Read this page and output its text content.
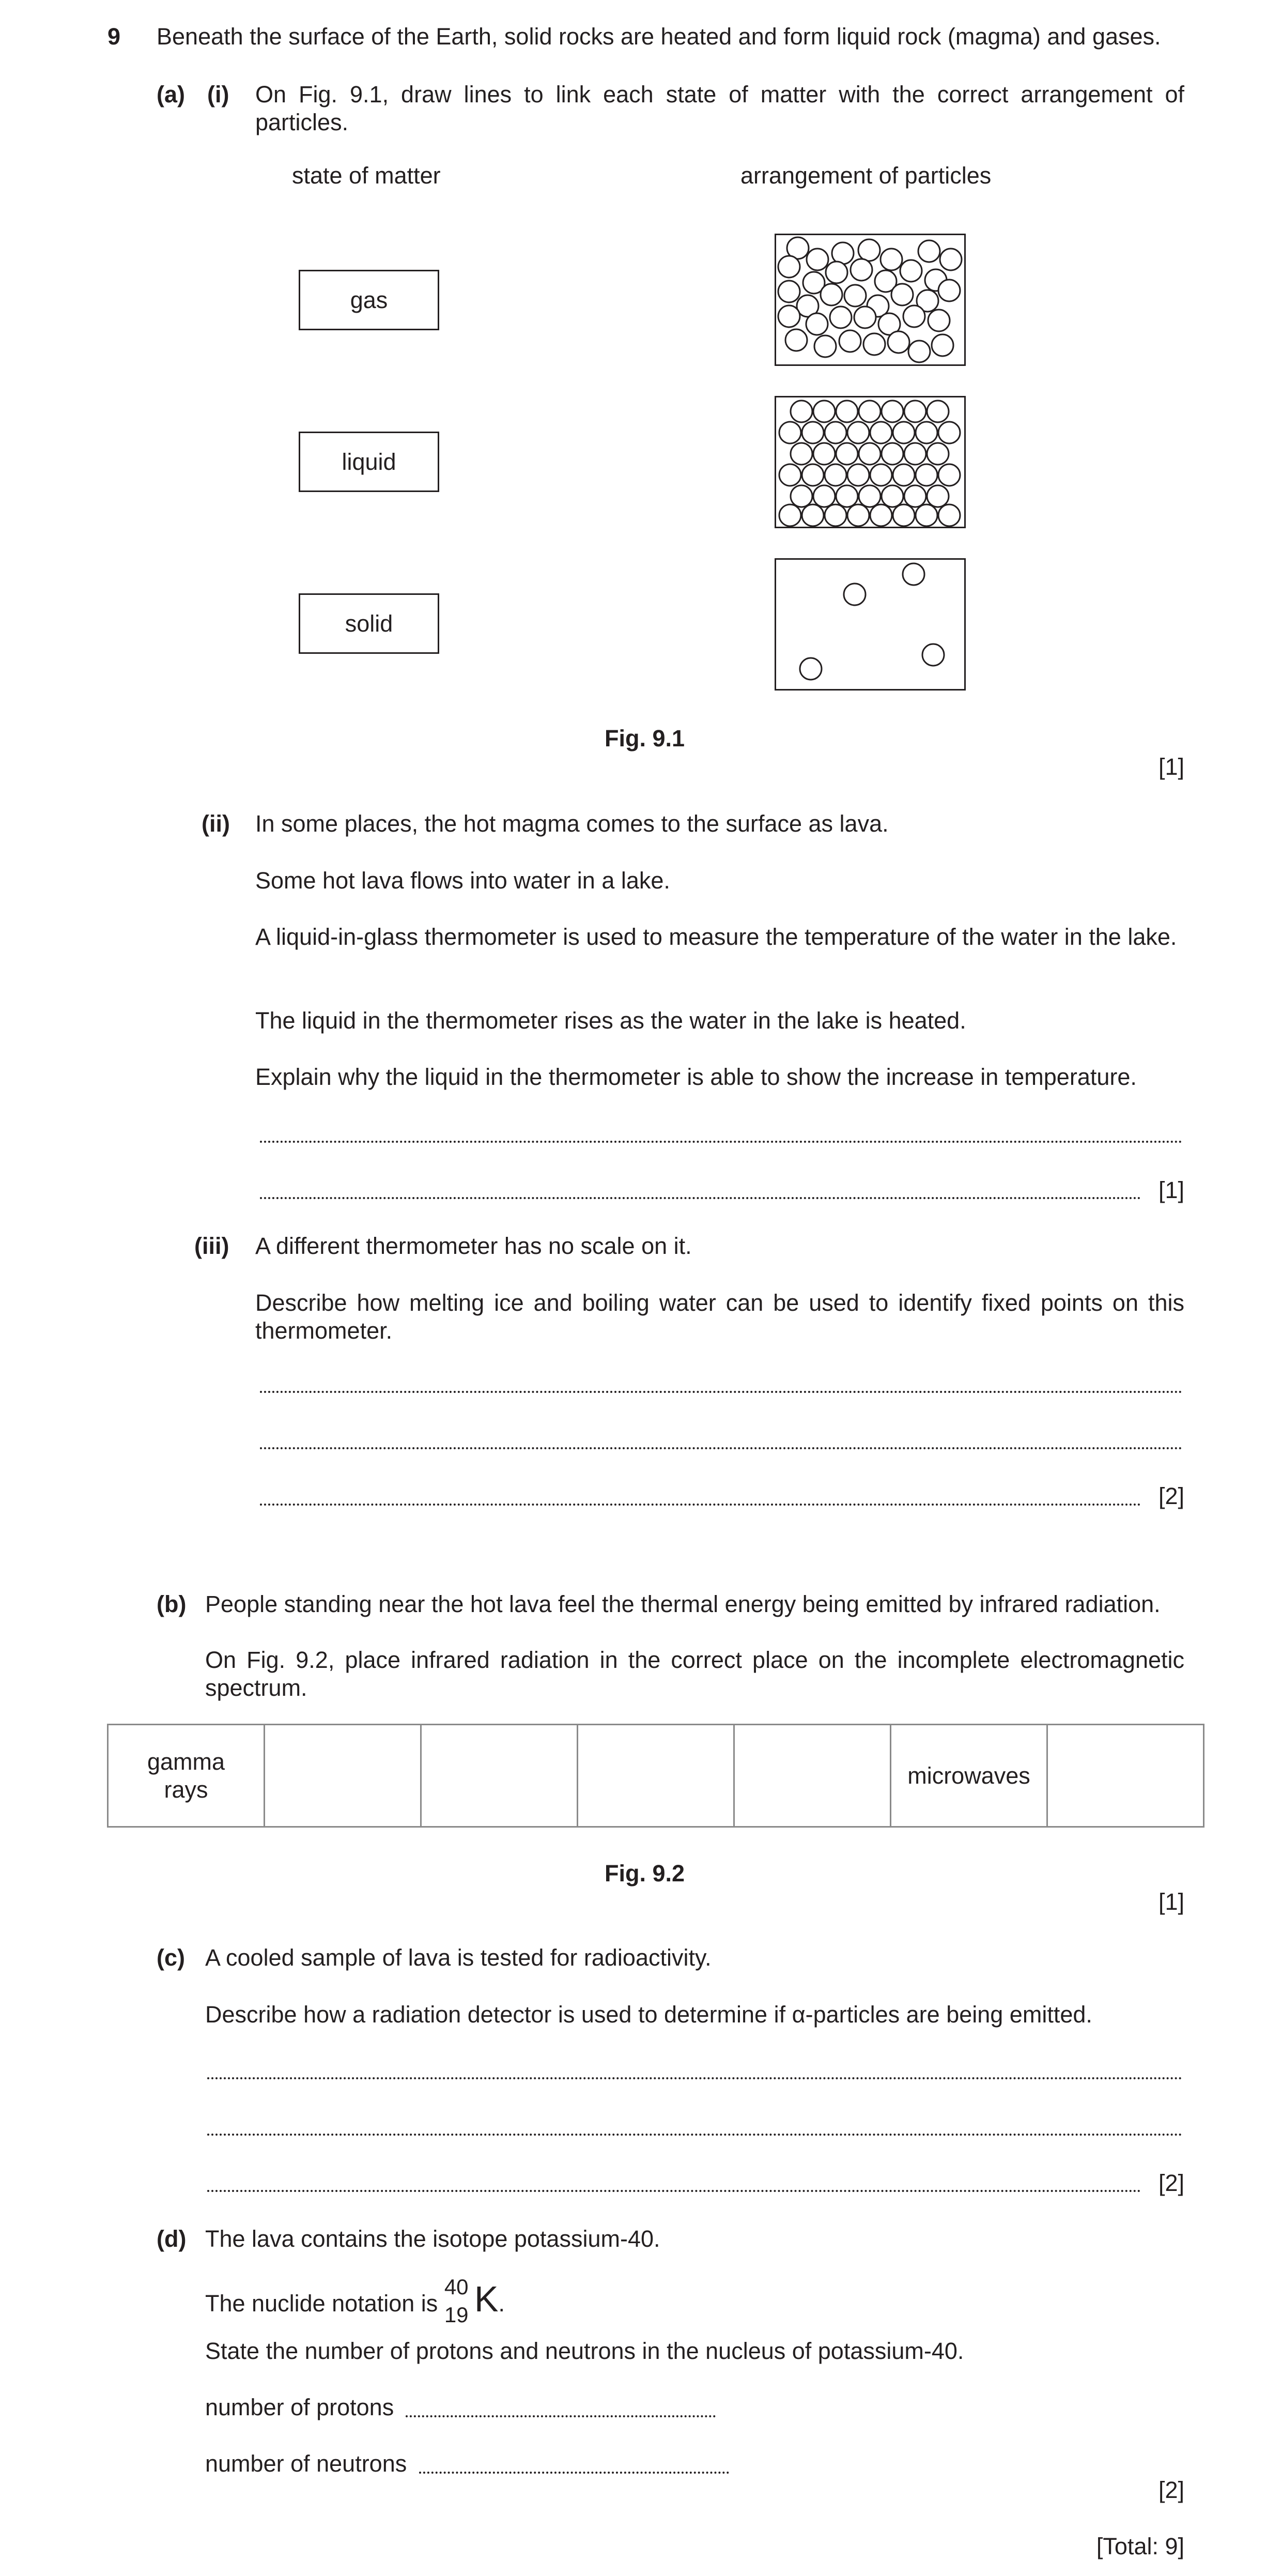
9 Beneath the surface of the Earth, solid rocks are heated and form liquid rock (magma) and gases.
(a) (i) On Fig. 9.1, draw lines to link each state of matter with the correct arrangement of particles.
state of matter	arrangement of particles
gas
liquid
solid
Fig. 9.1
[1]
(ii) In some places, the hot magma comes to the surface as lava.
Some hot lava flows into water in a lake.
A liquid-in-glass thermometer is used to measure the temperature of the water in the lake.
The liquid in the thermometer rises as the water in the lake is heated.
Explain why the liquid in the thermometer is able to show the increase in temperature.
[1]
(iii) A different thermometer has no scale on it.
Describe how melting ice and boiling water can be used to identify fixed points on this thermometer.
[2]
(b) People standing near the hot lava feel the thermal energy being emitted by infrared radiation.
On Fig. 9.2, place infrared radiation in the correct place on the incomplete electromagnetic spectrum.
gamma rays					microwaves	
Fig. 9.2
[1]
(c) A cooled sample of lava is tested for radioactivity.
Describe how a radiation detector is used to determine if α-particles are being emitted.
[2]
(d) The lava contains the isotope potassium-40.
The nuclide notation is
40
19 K.
State the number of protons and neutrons in the nucleus of potassium-40.
number of protons
number of neutrons
[2]
[Total: 9]
